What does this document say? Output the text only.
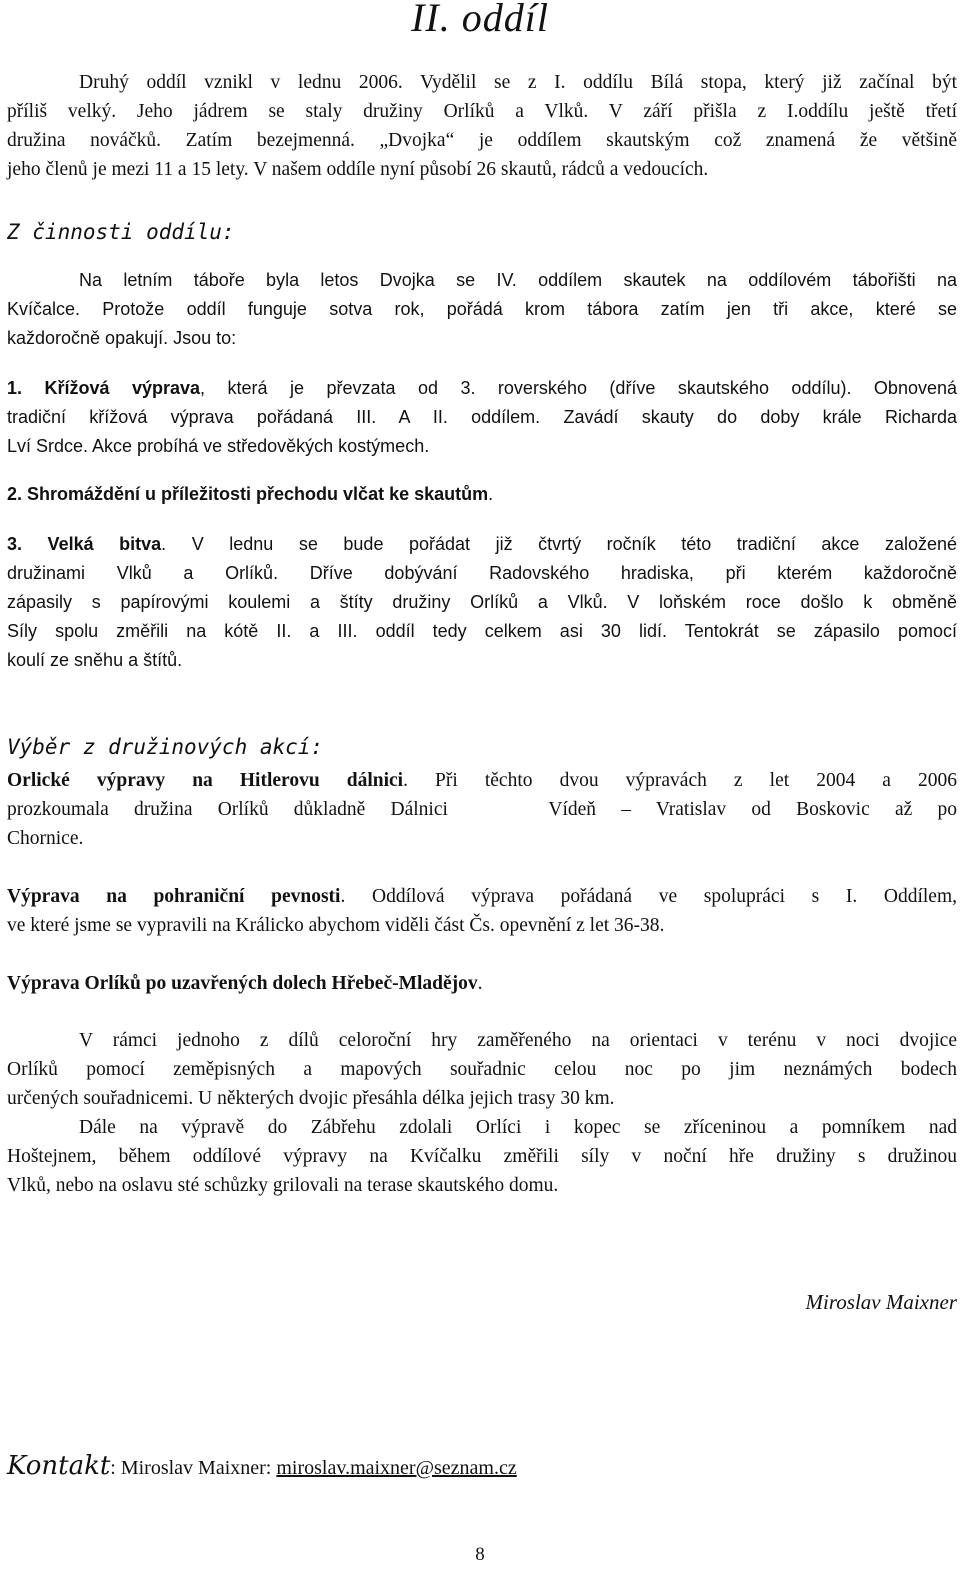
II. oddíl
Druhý oddíl vznikl v lednu 2006. Vydělil se z I. oddílu Bílá stopa, který již začínal být
příliš velký. Jeho jádrem se staly družiny Orlíků a Vlků. V září přišla z I.oddílu ještě třetí
družina nováčků. Zatím bezejmenná. „Dvojka“ je oddílem skautským což znamená že většině
jeho členů je mezi 11 a 15 lety. V našem oddíle nyní působí 26 skautů, rádců a vedoucích.
Z činnosti oddílu:
Na letním táboře byla letos Dvojka se IV. oddílem skautek na oddílovém tábořišti na
Kvíčalce. Protože oddíl funguje sotva rok, pořádá krom tábora zatím jen tři akce, které se
každoročně opakují. Jsou to:
1. Křížová výprava, která je převzata od 3. roverského (dříve skautského oddílu). Obnovená
tradiční křížová výprava pořádaná III. A II. oddílem. Zavádí skauty do doby krále Richarda
Lví Srdce. Akce probíhá ve středověkých kostýmech.
2. Shromáždění u příležitosti přechodu vlčat ke skautům.
3. Velká bitva. V lednu se bude pořádat již čtvrtý ročník této tradiční akce založené
družinami Vlků a Orlíků. Dříve dobývání Radovského hradiska, při kterém každoročně
zápasily s papírovými koulemi a štíty družiny Orlíků a Vlků. V loňském roce došlo k obměně
Síly spolu změřili na kótě II. a III. oddíl tedy celkem asi 30 lidí. Tentokrát se zápasilo pomocí
koulí ze sněhu a štítů.
Výběr z družinových akcí:
Orlické výpravy na Hitlerovu dálnici. Při těchto dvou výpravách z let 2004 a 2006
prozkoumala družina Orlíků důkladně Dálnici    Vídeň – Vratislav od Boskovic až po
Chornice.
Výprava na pohraniční pevnosti. Oddílová výprava pořádaná ve spolupráci s I. Oddílem,
ve které jsme se vypravili na Králicko abychom viděli část Čs. opevnění z let 36-38.
Výprava Orlíků po uzavřených dolech Hřebeč-Mladějov.
V rámci jednoho z dílů celoroční hry zaměřeného na orientaci v terénu v noci dvojice
Orlíků pomocí zeměpisných a mapových souřadnic celou noc po jim neznámých bodech
určených souřadnicemi. U některých dvojic přesáhla délka jejich trasy 30 km.
Dále na výpravě do Zábřehu zdolali Orlíci i kopec se zříceninou a pomníkem nad
Hoštejnem, během oddílové výpravy na Kvíčalku změřili síly v noční hře družiny s družinou
Vlků, nebo na oslavu sté schůzky grilovali na terase skautského domu.
Miroslav Maixner
Kontakt: Miroslav Maixner: miroslav.maixner@seznam.cz
8
